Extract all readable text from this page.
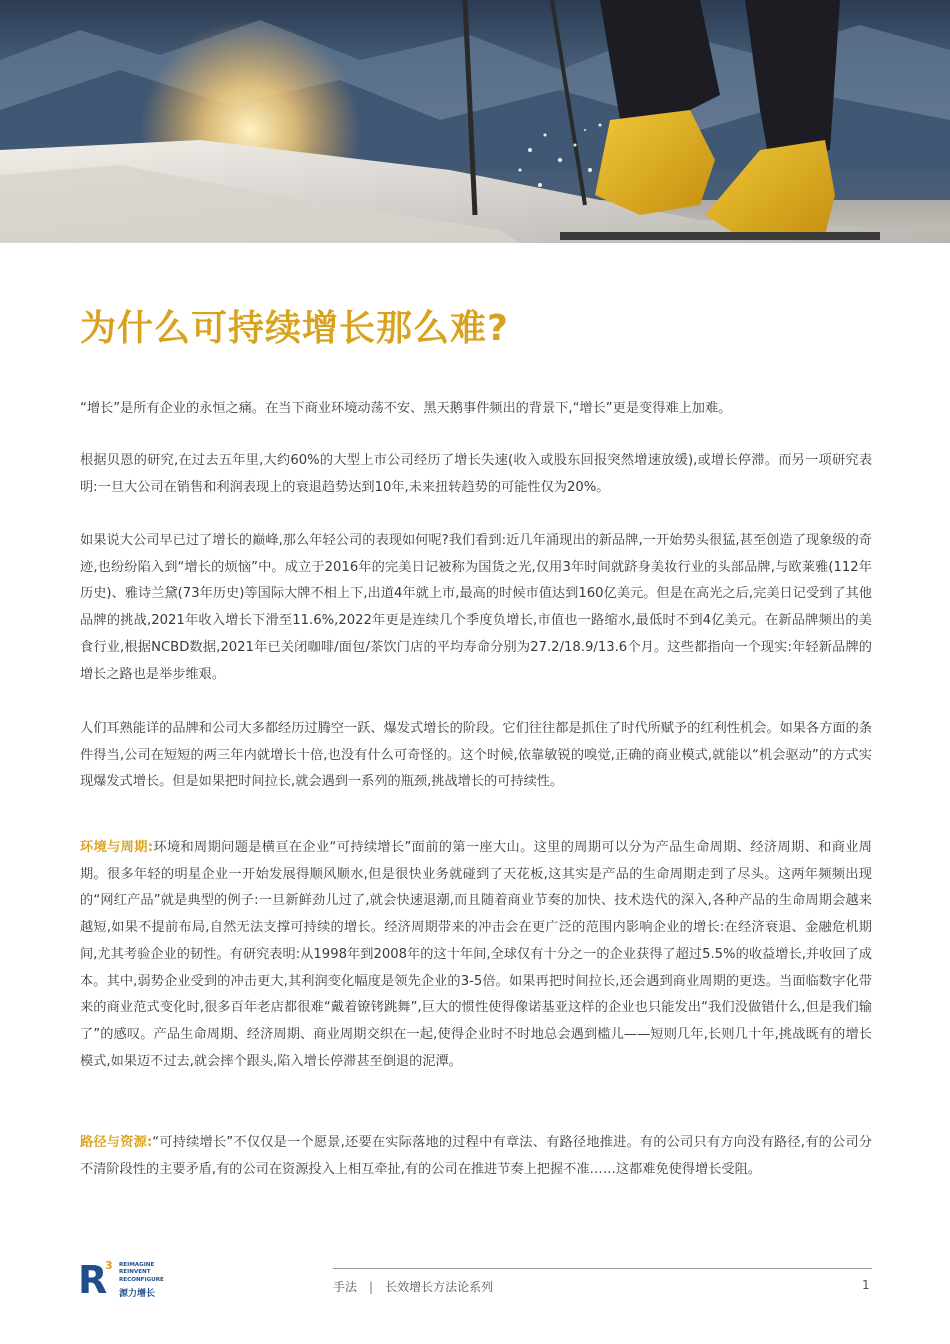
为什么可持续增长那么难?

“增长”是所有企业的永恒之痛。在当下商业环境动荡不安、黑天鹅事件频出的背景下,“增长”更是变得难上加难。

根据贝恩的研究,在过去五年里,大约60%的大型上市公司经历了增长失速(收入或股东回报突然增速放缓),或增长停滞。而另一项研究表明:一旦大公司在销售和利润表现上的衰退趋势达到10年,未来扭转趋势的可能性仅为20%。

如果说大公司早已过了增长的巅峰,那么年轻公司的表现如何呢?我们看到:近几年涌现出的新品牌,一开始势头很猛,甚至创造了现象级的奇迹,也纷纷陷入到“增长的烦恼”中。成立于2016年的完美日记被称为国货之光,仅用3年时间就跻身美妆行业的头部品牌,与欧莱雅(112年历史)、雅诗兰黛(73年历史)等国际大牌不相上下,出道4年就上市,最高的时候市值达到160亿美元。但是在高光之后,完美日记受到了其他品牌的挑战,2021年收入增长下滑至11.6%,2022年更是连续几个季度负增长,市值也一路缩水,最低时不到4亿美元。在新品牌频出的美食行业,根据NCBD数据,2021年已关闭咖啡/面包/茶饮门店的平均寿命分别为27.2/18.9/13.6个月。这些都指向一个现实:年轻新品牌的增长之路也是举步维艰。

人们耳熟能详的品牌和公司大多都经历过腾空一跃、爆发式增长的阶段。它们往往都是抓住了时代所赋予的红利性机会。如果各方面的条件得当,公司在短短的两三年内就增长十倍,也没有什么可奇怪的。这个时候,依靠敏锐的嗅觉,正确的商业模式,就能以“机会驱动”的方式实现爆发式增长。但是如果把时间拉长,就会遇到一系列的瓶颈,挑战增长的可持续性。

环境与周期:环境和周期问题是横亘在企业“可持续增长”面前的第一座大山。这里的周期可以分为产品生命周期、经济周期、和商业周期。很多年轻的明星企业一开始发展得顺风顺水,但是很快业务就碰到了天花板,这其实是产品的生命周期走到了尽头。这两年频频出现的“网红产品”就是典型的例子:一旦新鲜劲儿过了,就会快速退潮,而且随着商业节奏的加快、技术迭代的深入,各种产品的生命周期会越来越短,如果不提前布局,自然无法支撑可持续的增长。经济周期带来的冲击会在更广泛的范围内影响企业的增长:在经济衰退、金融危机期间,尤其考验企业的韧性。有研究表明:从1998年到2008年的这十年间,全球仅有十分之一的企业获得了超过5.5%的收益增长,并收回了成本。其中,弱势企业受到的冲击更大,其利润变化幅度是领先企业的3-5倍。如果再把时间拉长,还会遇到商业周期的更迭。当面临数字化带来的商业范式变化时,很多百年老店都很难“戴着镣铐跳舞”,巨大的惯性使得像诺基亚这样的企业也只能发出“我们没做错什么,但是我们输了”的感叹。产品生命周期、经济周期、商业周期交织在一起,使得企业时不时地总会遇到槛儿——短则几年,长则几十年,挑战既有的增长模式,如果迈不过去,就会摔个跟头,陷入增长停滞甚至倒退的泥潭。

路径与资源:“可持续增长”不仅仅是一个愿景,还要在实际落地的过程中有章法、有路径地推进。有的公司只有方向没有路径,有的公司分不清阶段性的主要矛盾,有的公司在资源投入上相互牵扯,有的公司在推进节奏上把握不准……这都难免使得增长受阻。

R
3 REIMAGINE
REINVENT
RECONFIGURE
源力增长	手法 | 长效增长方法论系列	1
